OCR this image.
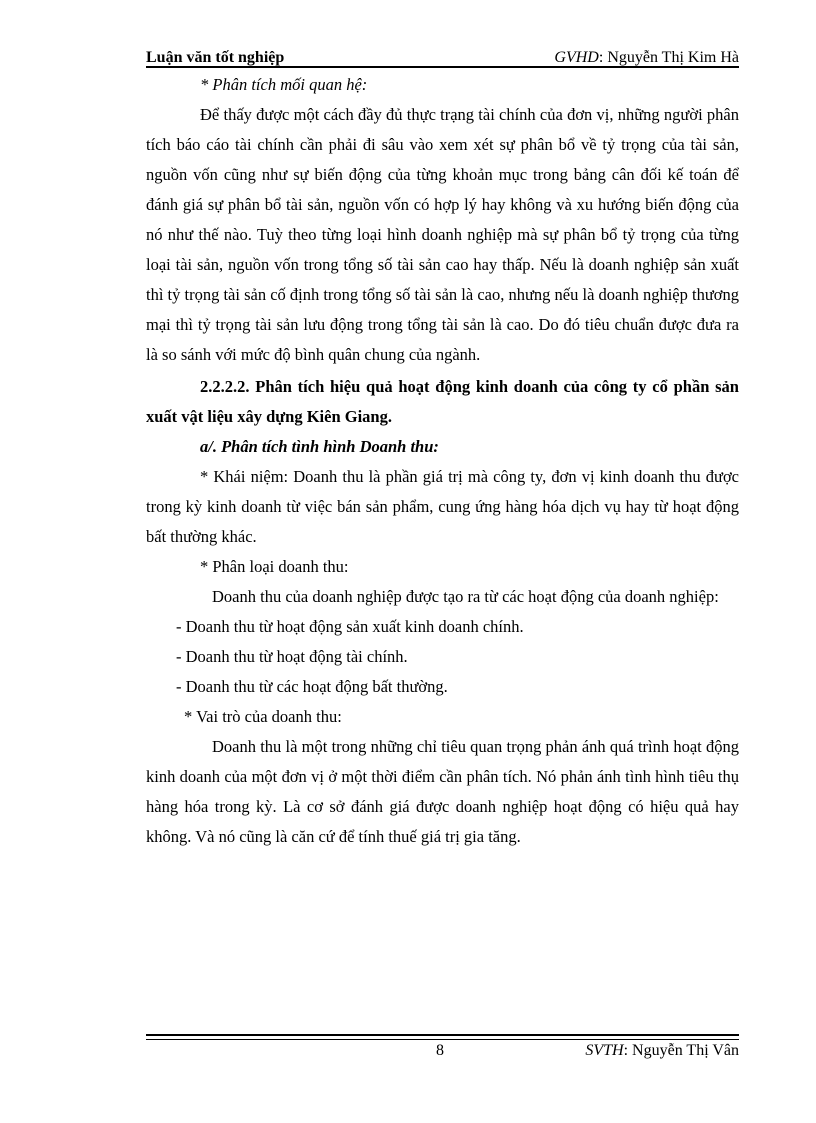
Luận văn tốt nghiệp	GVHD: Nguyễn Thị Kim Hà

* Phân tích mối quan hệ:

Để thấy được một cách đầy đủ thực trạng tài chính của đơn vị, những người phân tích báo cáo tài chính cần phải đi sâu vào xem xét sự phân bổ về tỷ trọng của tài sản, nguồn vốn cũng như sự biến động của từng khoản mục trong bảng cân đối kế toán để đánh giá sự phân bổ tài sản, nguồn vốn có hợp lý hay không và xu hướng biến động của nó như thế nào. Tuỳ theo từng loại hình doanh nghiệp mà sự phân bổ tỷ trọng của từng loại tài sản, nguồn vốn trong tổng số tài sản cao hay thấp. Nếu là doanh nghiệp sản xuất thì tỷ trọng tài sản cố định trong tổng số tài sản là cao, nhưng nếu là doanh nghiệp thương mại thì tỷ trọng tài sản lưu động trong tổng tài sản là cao. Do đó tiêu chuẩn được đưa ra là so sánh với mức độ bình quân chung của ngành.

2.2.2.2. Phân tích hiệu quả hoạt động kinh doanh của công ty cổ phần sản xuất vật liệu xây dựng Kiên Giang.

a/. Phân tích tình hình Doanh thu:

* Khái niệm: Doanh thu là phần giá trị mà công ty, đơn vị kinh doanh thu được trong kỳ kinh doanh từ việc bán sản phẩm, cung ứng hàng hóa dịch vụ hay từ hoạt động bất thường khác.

* Phân loại doanh thu:

Doanh thu của doanh nghiệp được tạo ra từ các hoạt động của doanh nghiệp:

- Doanh thu từ hoạt động sản xuất kinh doanh chính.

- Doanh thu từ hoạt động tài chính.

- Doanh thu từ các hoạt động bất thường.

* Vai trò của doanh thu:

Doanh thu là một trong những chỉ tiêu quan trọng phản ánh quá trình hoạt động kinh doanh của một đơn vị ở một thời điểm cần phân tích. Nó phản ánh tình hình tiêu thụ hàng hóa trong kỳ. Là cơ sở đánh giá được doanh nghiệp hoạt động có hiệu quả hay không. Và nó cũng là căn cứ để tính thuế giá trị gia tăng.

8	SVTH: Nguyễn Thị Vân
